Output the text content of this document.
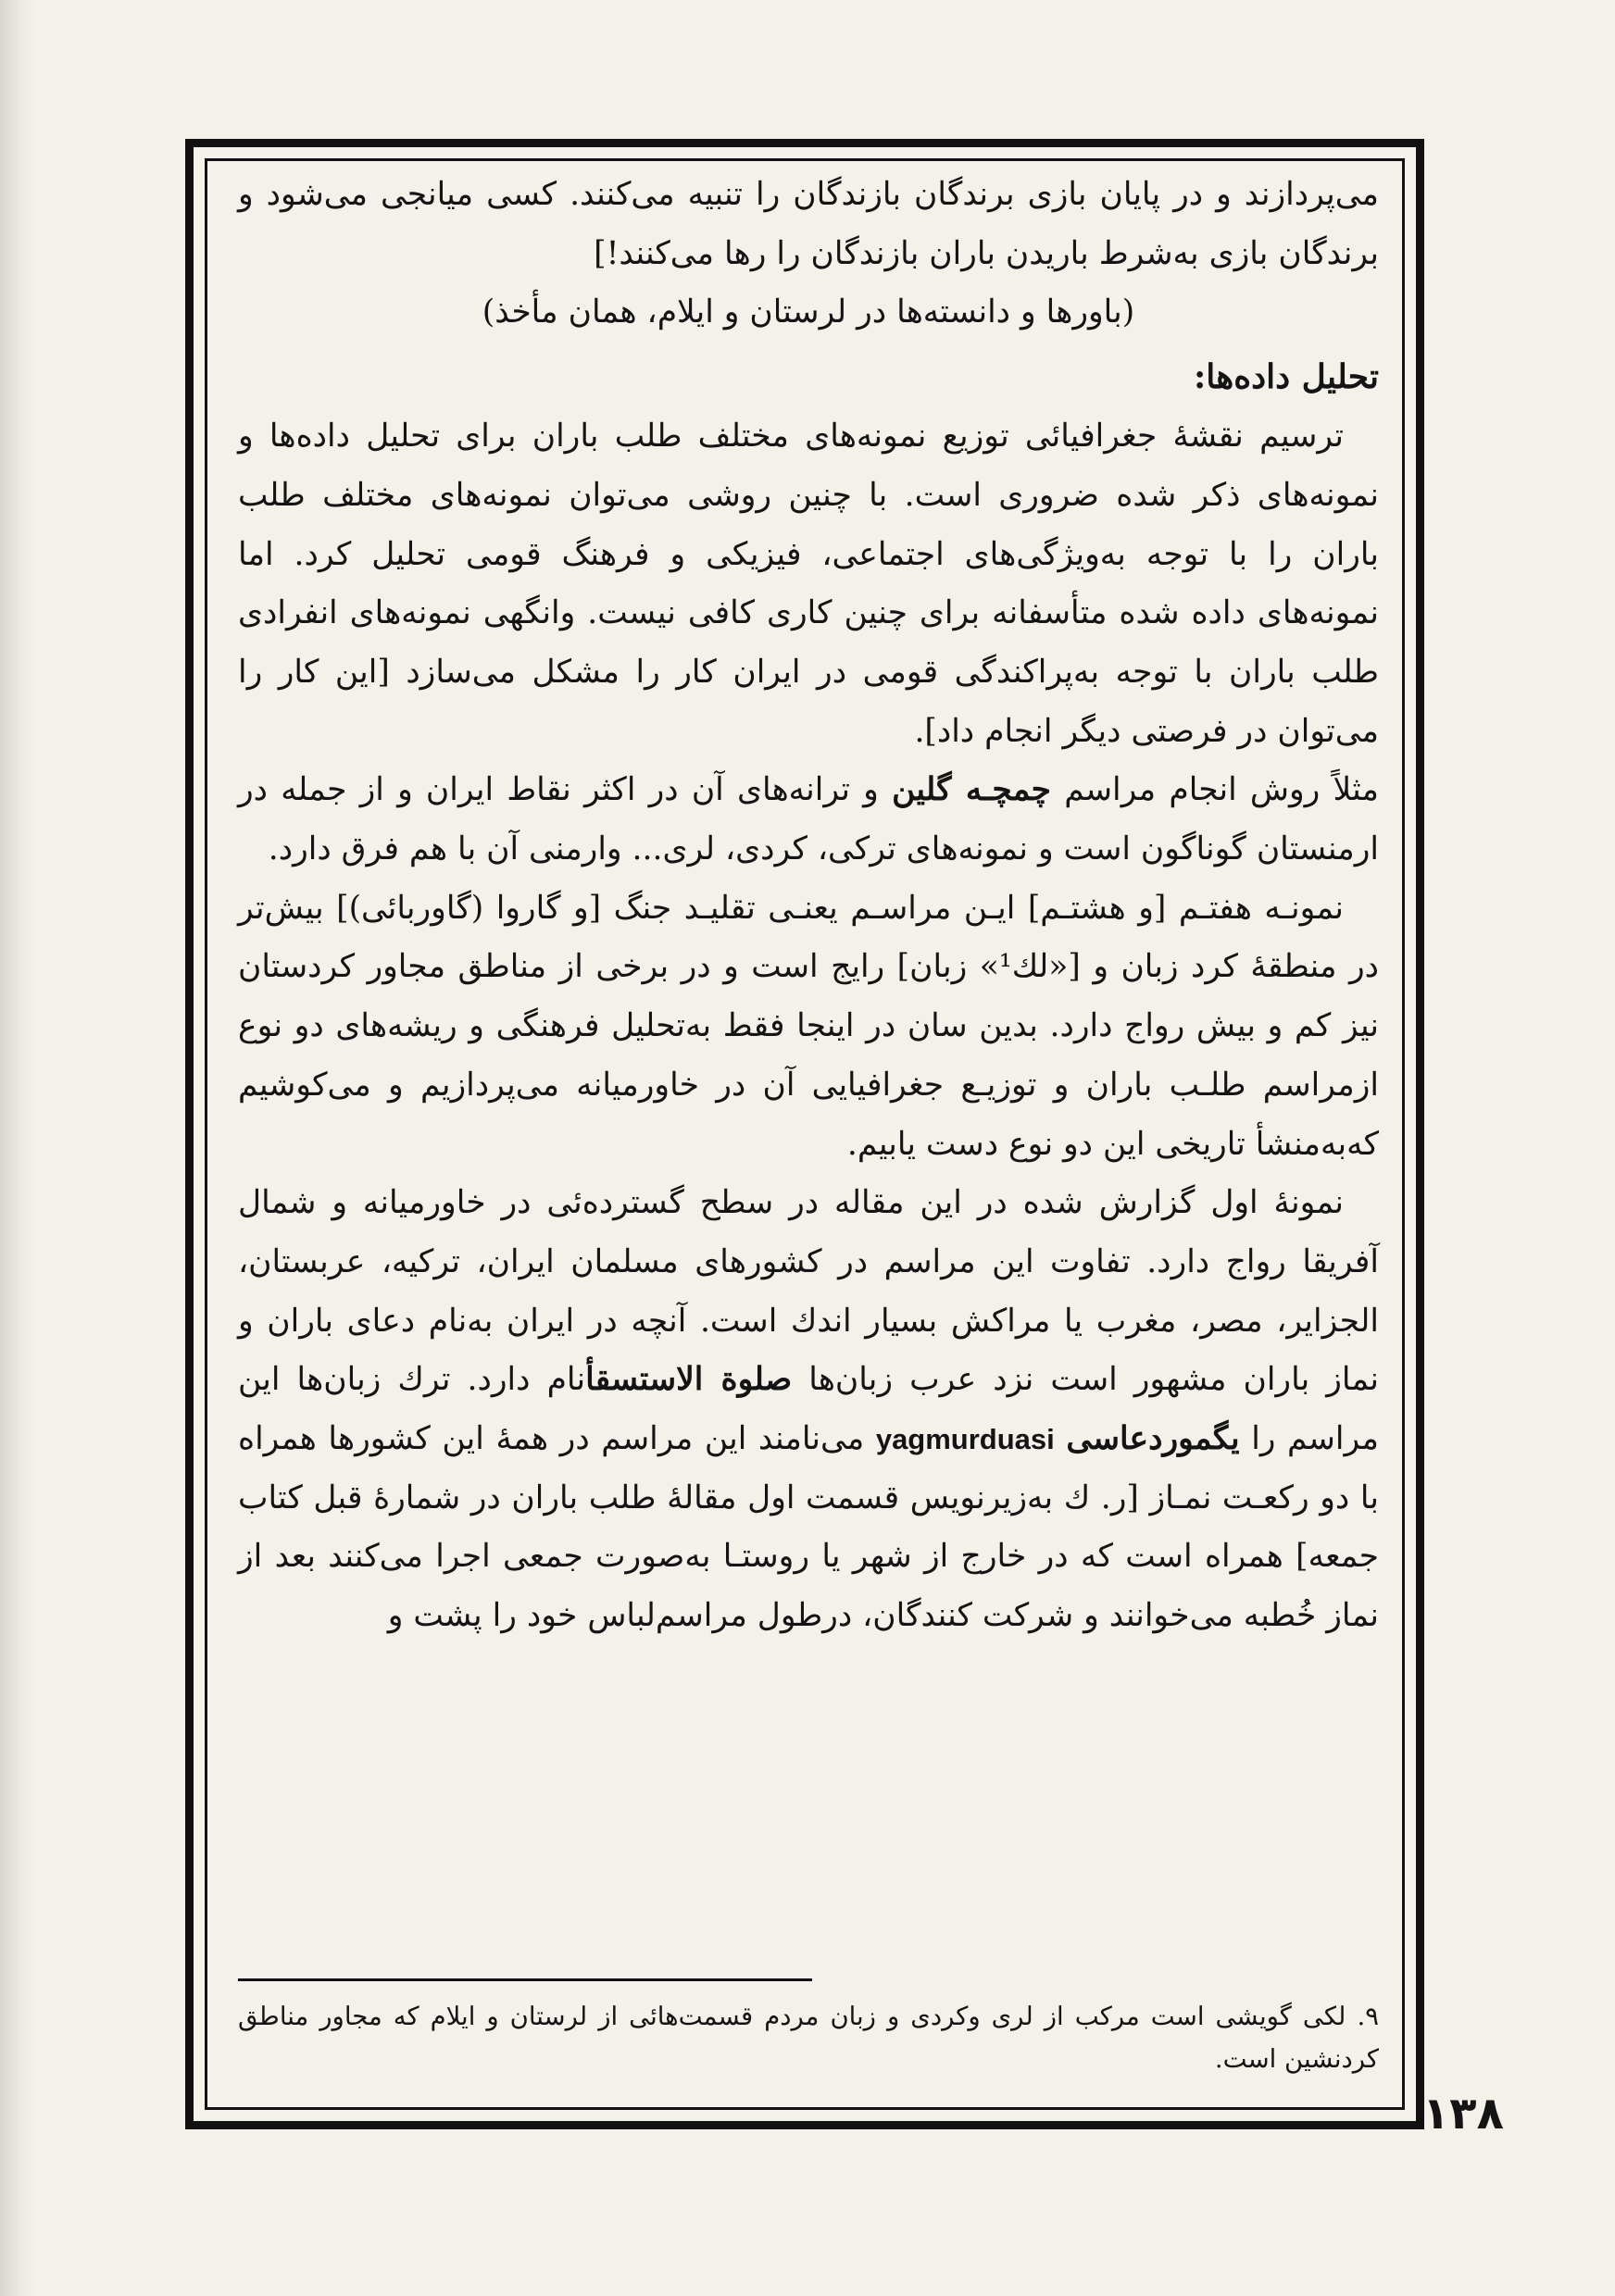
می‌پردازند و در پایان بازی برندگان بازندگان را تنبیه می‌کنند. کسی میانجی می‌شود و برندگان بازی به‌شرط باریدن باران بازندگان را رها می‌کنند!]

(باورها و دانسته‌ها در لرستان و ایلام، همان مأخذ)

تحلیل داده‌ها:

ترسیم نقشهٔ جغرافیائی توزیع نمونه‌های مختلف طلب باران برای تحلیل داده‌ها و نمونه‌های ذکر شده ضروری است. با چنین روشی می‌توان نمونه‌های مختلف طلب باران را با توجه به‌ویژگی‌های اجتماعی، فیزیکی و فرهنگ قومی تحلیل کرد. اما نمونه‌های داده شده متأسفانه برای چنین کاری کافی نیست. وانگهی نمونه‌های انفرادی طلب باران با توجه به‌پراکندگی قومی در ایران کار را مشکل می‌سازد [این کار را می‌توان در فرصتی دیگر انجام داد].

مثلاً روش انجام مراسم چمچـه گلین و ترانه‌های آن در اکثر نقاط ایران و از جمله در ارمنستان گوناگون است و نمونه‌های ترکی، کردی، لری... وارمنی آن با هم فرق دارد.

نمونـه هفتـم [و هشتـم] ایـن مراسـم یعنـی تقلیـد جنگ [و گاروا (گاوربائی)] بیش‌تر در منطقهٔ کرد زبان و [«لك¹» زبان] رایج است و در برخی از مناطق مجاور کردستان نیز کم و بیش رواج دارد. بدین سان در اینجا فقط به‌تحلیل فرهنگی و ریشه‌های دو نوع ازمراسم طلـب باران و توزیـع جغرافیایی آن در خاورمیانه می‌پردازیم و می‌کوشیم که‌به‌منشأ تاریخی این دو نوع دست یابیم.

نمونهٔ اول گزارش شده در این مقاله در سطح گسترده‌ئی در خاورمیانه و شمال آفریقا رواج دارد. تفاوت این مراسم در کشورهای مسلمان ایران، ترکیه، عربستان، الجزایر، مصر، مغرب یا مراکش بسیار اندك است. آنچه در ایران به‌نام دعای باران و نماز باران مشهور است نزد عرب زبان‌ها صلوة الاستسقأنام دارد. ترك زبان‌ها این مراسم را یگموردعاسی yagmurduasi می‌نامند این مراسم در همهٔ این کشورها همراه با دو رکعـت نمـاز [ر. ك به‌زیرنویس قسمت اول مقالهٔ طلب باران در شمارهٔ قبل کتاب جمعه] همراه است که در خارج از شهر یا روستـا به‌صورت جمعی اجرا می‌کنند بعد از نماز خُطبه می‌خوانند و شرکت کنندگان، درطول مراسم‌لباس خود را پشت و

۹. لکی گویشی است مرکب از لری وکردی و زبان مردم قسمت‌هائی از لرستان و ایلام که مجاور مناطق کردنشین است.

۱۳۸
